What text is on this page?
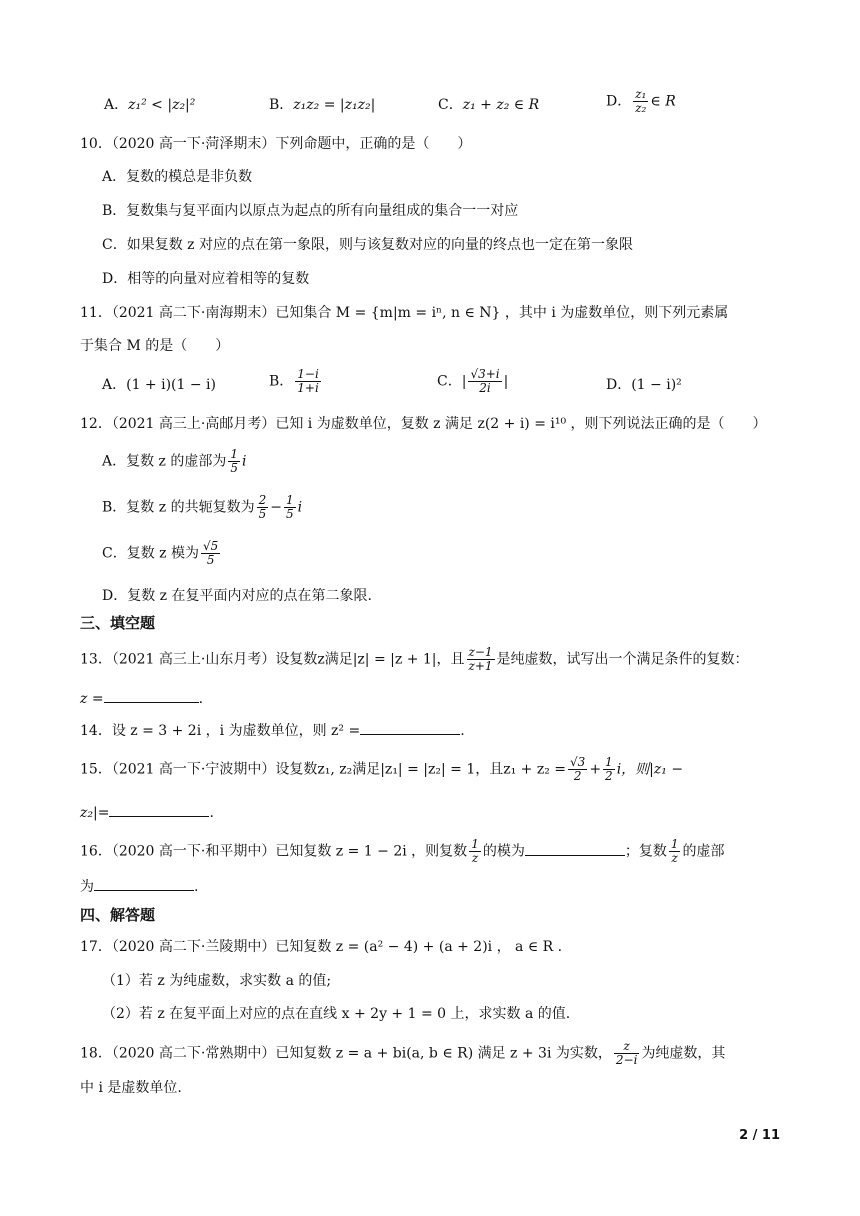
A．z₁² < |z₂|²	B．z₁z₂ = |z₁z₂|	C．z₁ + z₂ ∈ R	D． $\frac{\text{z₁}}{\text{z₂}}$ ∈ R
10．（2020 高一下·菏泽期末）下列命题中，正确的是（　　）
A．复数的模总是非负数
B．复数集与复平面内以原点为起点的所有向量组成的集合一一对应
C．如果复数 z 对应的点在第一象限，则与该复数对应的向量的终点也一定在第一象限
D．相等的向量对应着相等的复数
11．（2021 高二下·南海期末）已知集合 M = {m|m = iⁿ, n ∈ N} ，其中 i 为虚数单位，则下列元素属
于集合 M 的是（　　）
A．(1 + i)(1 − i)	B． $\frac{1-i}{1+i}$	C．| $\frac{√3+i}{2i}$ |	D．(1 − i)²
12．（2021 高三上·高邮月考）已知 i 为虚数单位，复数 z 满足 z(2 + i) = i¹⁰ ，则下列说法正确的是（　　）
A．复数 z 的虚部为 $\frac{1}{5}$ i
B．复数 z 的共轭复数为 $\frac{2}{5} - \frac{1}{5}$ i
C．复数 z 模为 $\frac{√5}{5}$
D．复数 z 在复平面内对应的点在第二象限.
三、填空题
13．（2021 高三上·山东月考）设复数z满足|z| = |z + 1|，且 $\frac{z-1}{z+1}$ 是纯虚数，试写出一个满足条件的复数：
z =	.
14．设 z = 3 + 2i ，i 为虚数单位，则 z² =	.
15．（2021 高一下·宁波期中）设复数z₁, z₂满足|z₁| = |z₂| = 1，且$z_1 + z_2 = \frac{√3}{2} + \frac{1}{2}$ i，则|z₁ −
z₂|=	.
16．（2020 高一下·和平期中）已知复数 z = 1 − 2i ，则复数 $\frac{1}{z}$ 的模为	；复数 $\frac{1}{z}$ 的虚部
为	.
四、解答题
17．（2020 高二下·兰陵期中）已知复数 z = (a² − 4) + (a + 2)i ， a ∈ R .
（1）若 z 为纯虚数，求实数 a 的值;
（2）若 z 在复平面上对应的点在直线 x + 2y + 1 = 0 上，求实数 a 的值.
18．（2020 高二下·常熟期中）已知复数 z = a + bi(a, b ∈ R) 满足 z + 3i 为实数， $\frac{z}{2-i}$ 为纯虚数，其
中 i 是虚数单位.
2 / 11
